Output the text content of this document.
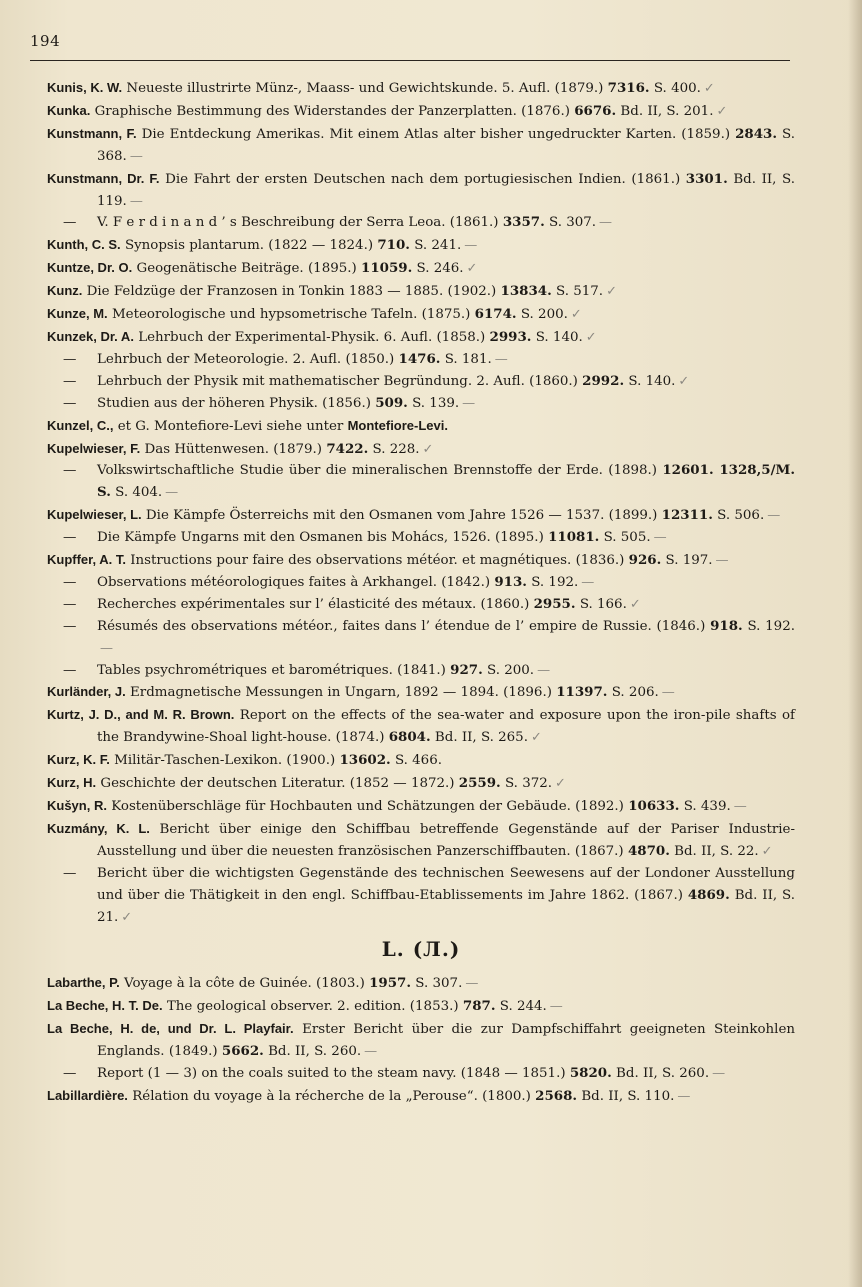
194
Kunis, K. W. Neueste illustrirte Münz-, Maass- und Gewichtskunde. 5. Aufl. (1879.) 7316. S. 400. ✓
Kunka. Graphische Bestimmung des Widerstandes der Panzerplatten. (1876.) 6676. Bd. II, S. 201. ✓
Kunstmann, F. Die Entdeckung Amerikas. Mit einem Atlas alter bisher ungedruckter Karten. (1859.) 2843. S. 368. —
Kunstmann, Dr. F. Die Fahrt der ersten Deutschen nach dem portugiesischen Indien. (1861.) 3301. Bd. II, S. 119. —
— V. F e r d i n a n d ’ s Beschreibung der Serra Leoa. (1861.) 3357. S. 307. —
Kunth, C. S. Synopsis plantarum. (1822 — 1824.) 710. S. 241. —
Kuntze, Dr. O. Geogenätische Beiträge. (1895.) 11059. S. 246. ✓
Kunz. Die Feldzüge der Franzosen in Tonkin 1883 — 1885. (1902.) 13834. S. 517. ✓
Kunze, M. Meteorologische und hypsometrische Tafeln. (1875.) 6174. S. 200. ✓
Kunzek, Dr. A. Lehrbuch der Experimental-Physik. 6. Aufl. (1858.) 2993. S. 140. ✓
— Lehrbuch der Meteorologie. 2. Aufl. (1850.) 1476. S. 181. —
— Lehrbuch der Physik mit mathematischer Begründung. 2. Aufl. (1860.) 2992. S. 140. ✓
— Studien aus der höheren Physik. (1856.) 509. S. 139. —
Kunzel, C., et G. Montefiore-Levi siehe unter Montefiore-Levi.
Kupelwieser, F. Das Hüttenwesen. (1879.) 7422. S. 228. ✓
— Volkswirtschaftliche Studie über die mineralischen Brennstoffe der Erde. (1898.) 12601. 1328,5/M. S. S. 404. —
Kupelwieser, L. Die Kämpfe Österreichs mit den Osmanen vom Jahre 1526 — 1537. (1899.) 12311. S. 506. —
— Die Kämpfe Ungarns mit den Osmanen bis Mohács, 1526. (1895.) 11081. S. 505. —
Kupffer, A. T. Instructions pour faire des observations météor. et magnétiques. (1836.) 926. S. 197. —
— Observations météorologiques faites à Arkhangel. (1842.) 913. S. 192. —
— Recherches expérimentales sur l’ élasticité des métaux. (1860.) 2955. S. 166. ✓
— Résumés des observations météor., faites dans l’ étendue de l’ empire de Russie. (1846.) 918. S. 192.—
— Tables psychrométriques et barométriques. (1841.) 927. S. 200. —
Kurländer, J. Erdmagnetische Messungen in Ungarn, 1892 — 1894. (1896.) 11397. S. 206. —
Kurtz, J. D., and M. R. Brown. Report on the effects of the sea-water and exposure upon the iron-pile shafts of the Brandywine-Shoal light-house. (1874.) 6804. Bd. II, S. 265. ✓
Kurz, K. F. Militär-Taschen-Lexikon. (1900.) 13602. S. 466.
Kurz, H. Geschichte der deutschen Literatur. (1852 — 1872.) 2559. S. 372. ✓
Kušyn, R. Kostenüberschläge für Hochbauten und Schätzungen der Gebäude. (1892.) 10633. S. 439. —
Kuzmány, K. L. Bericht über einige den Schiffbau betreffende Gegenstände auf der Pariser Industrie-Ausstellung und über die neuesten französischen Panzerschiffbauten. (1867.) 4870. Bd. II, S. 22. ✓
— Bericht über die wichtigsten Gegenstände des technischen Seewesens auf der Londoner Ausstellung und über die Thätigkeit in den engl. Schiffbau-Etablissements im Jahre 1862. (1867.) 4869. Bd. II, S. 21. ✓
L. (Л.)
Labarthe, P. Voyage à la côte de Guinée. (1803.) 1957. S. 307. —
La Beche, H. T. De. The geological observer. 2. edition. (1853.) 787. S. 244. —
La Beche, H. de, und Dr. L. Playfair. Erster Bericht über die zur Dampfschiffahrt geeigneten Steinkohlen Englands. (1849.) 5662. Bd. II, S. 260. —
— Report (1 — 3) on the coals suited to the steam navy. (1848 — 1851.) 5820. Bd. II, S. 260. —
Labillardière. Rélation du voyage à la récherche de la „Perouse“. (1800.) 2568. Bd. II, S. 110. —
